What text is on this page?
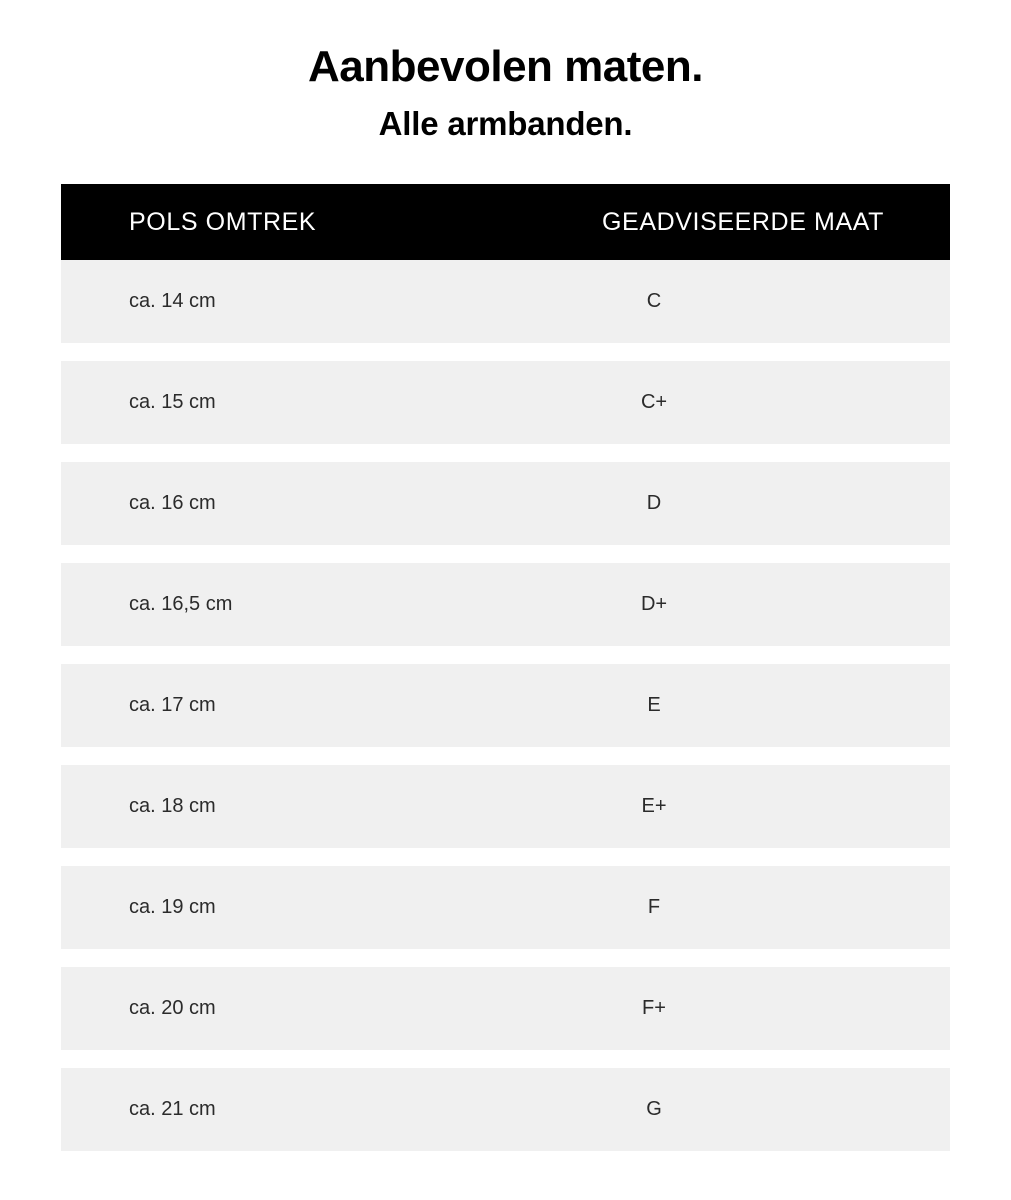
Aanbevolen maten.
Alle armbanden.
POLS OMTREK	GEADVISEERDE MAAT
ca. 14 cm	C
ca. 15 cm	C+
ca. 16 cm	D
ca. 16,5 cm	D+
ca. 17 cm	E
ca. 18 cm	E+
ca. 19 cm	F
ca. 20 cm	F+
ca. 21 cm	G
